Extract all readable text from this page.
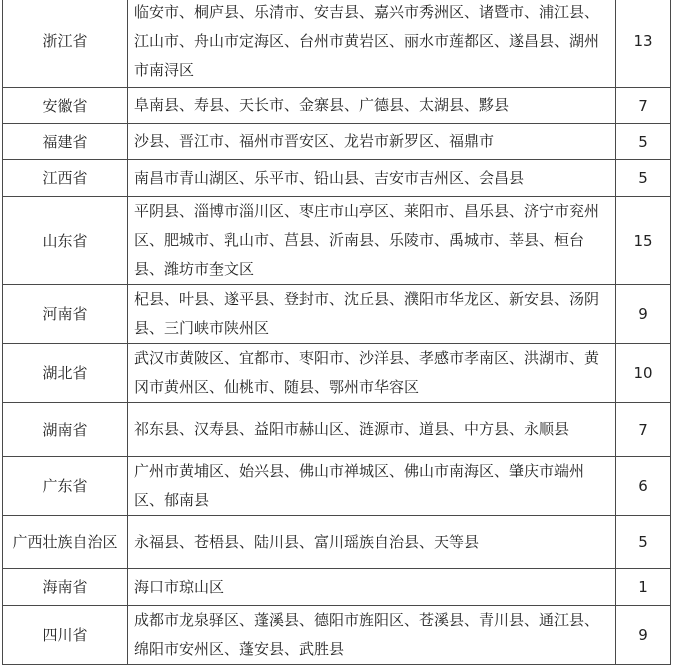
浙江省	临安市、桐庐县、乐清市、安吉县、嘉兴市秀洲区、诸暨市、浦江县、江山市、舟山市定海区、台州市黄岩区、丽水市莲都区、遂昌县、湖州市南浔区	13
安徽省	阜南县、寿县、天长市、金寨县、广德县、太湖县、黟县	7
福建省	沙县、晋江市、福州市晋安区、龙岩市新罗区、福鼎市	5
江西省	南昌市青山湖区、乐平市、铅山县、吉安市吉州区、会昌县	5
山东省	平阴县、淄博市淄川区、枣庄市山亭区、莱阳市、昌乐县、济宁市兖州区、肥城市、乳山市、莒县、沂南县、乐陵市、禹城市、莘县、桓台县、潍坊市奎文区	15
河南省	杞县、叶县、遂平县、登封市、沈丘县、濮阳市华龙区、新安县、汤阴县、三门峡市陕州区	9
湖北省	武汉市黄陂区、宜都市、枣阳市、沙洋县、孝感市孝南区、洪湖市、黄冈市黄州区、仙桃市、随县、鄂州市华容区	10
湖南省	祁东县、汉寿县、益阳市赫山区、涟源市、道县、中方县、永顺县	7
广东省	广州市黄埔区、始兴县、佛山市禅城区、佛山市南海区、肇庆市端州区、郁南县	6
广西壮族自治区	永福县、苍梧县、陆川县、富川瑶族自治县、天等县	5
海南省	海口市琼山区	1
四川省	成都市龙泉驿区、蓬溪县、德阳市旌阳区、苍溪县、青川县、通江县、绵阳市安州区、蓬安县、武胜县	9
